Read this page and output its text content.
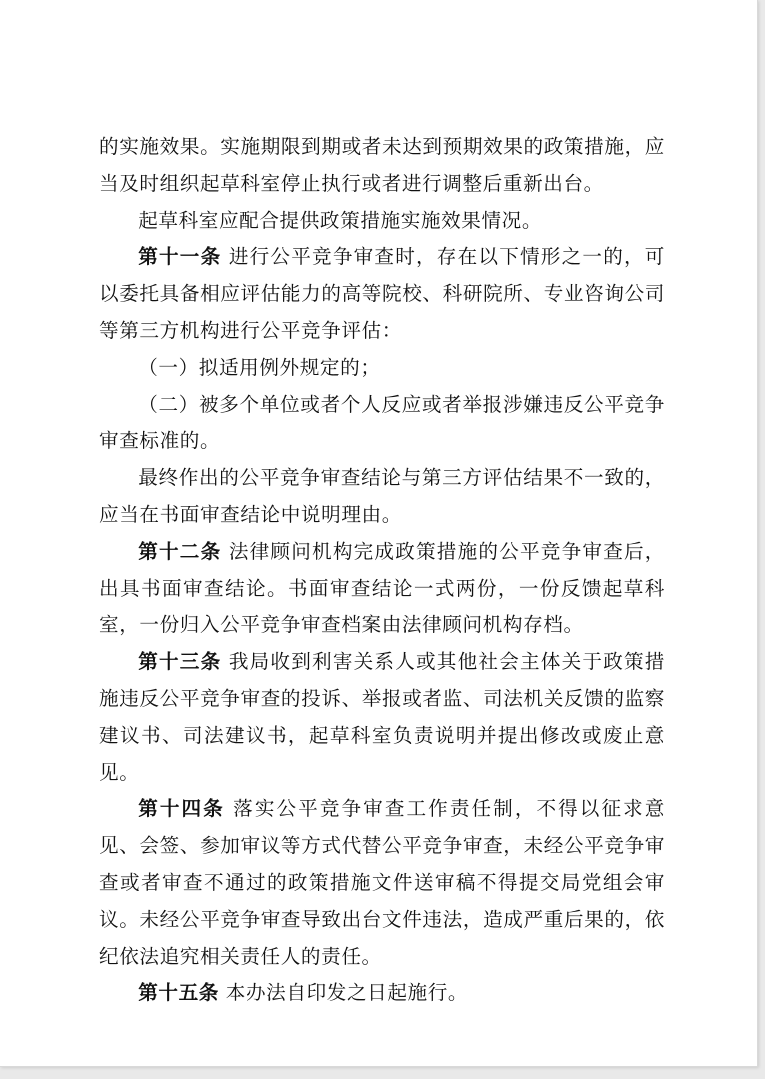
的实施效果。实施期限到期或者未达到预期效果的政策措施，应当及时组织起草科室停止执行或者进行调整后重新出台。

起草科室应配合提供政策措施实施效果情况。

第十一条 进行公平竞争审查时，存在以下情形之一的，可以委托具备相应评估能力的高等院校、科研院所、专业咨询公司等第三方机构进行公平竞争评估：

（一）拟适用例外规定的；

（二）被多个单位或者个人反应或者举报涉嫌违反公平竞争审查标准的。

最终作出的公平竞争审查结论与第三方评估结果不一致的，应当在书面审查结论中说明理由。

第十二条 法律顾问机构完成政策措施的公平竞争审查后，出具书面审查结论。书面审查结论一式两份，一份反馈起草科室，一份归入公平竞争审查档案由法律顾问机构存档。

第十三条 我局收到利害关系人或其他社会主体关于政策措施违反公平竞争审查的投诉、举报或者监、司法机关反馈的监察建议书、司法建议书，起草科室负责说明并提出修改或废止意见。

第十四条 落实公平竞争审查工作责任制，不得以征求意见、会签、参加审议等方式代替公平竞争审查，未经公平竞争审查或者审查不通过的政策措施文件送审稿不得提交局党组会审议。未经公平竞争审查导致出台文件违法，造成严重后果的，依纪依法追究相关责任人的责任。

第十五条 本办法自印发之日起施行。
